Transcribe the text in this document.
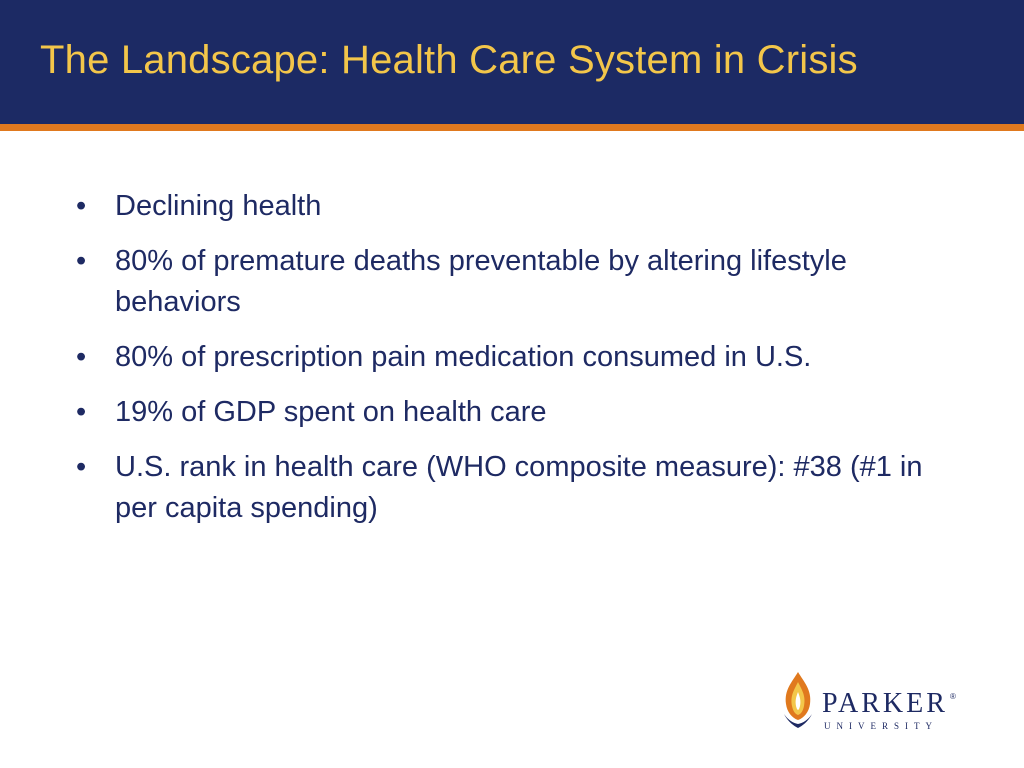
The Landscape: Health Care System in Crisis
• Declining health
• 80% of premature deaths preventable by altering lifestyle behaviors
• 80% of prescription pain medication consumed in U.S.
• 19% of GDP spent on health care
• U.S. rank in health care (WHO composite measure): #38 (#1 in per capita spending)
PARKER ®
UNIVERSITY
